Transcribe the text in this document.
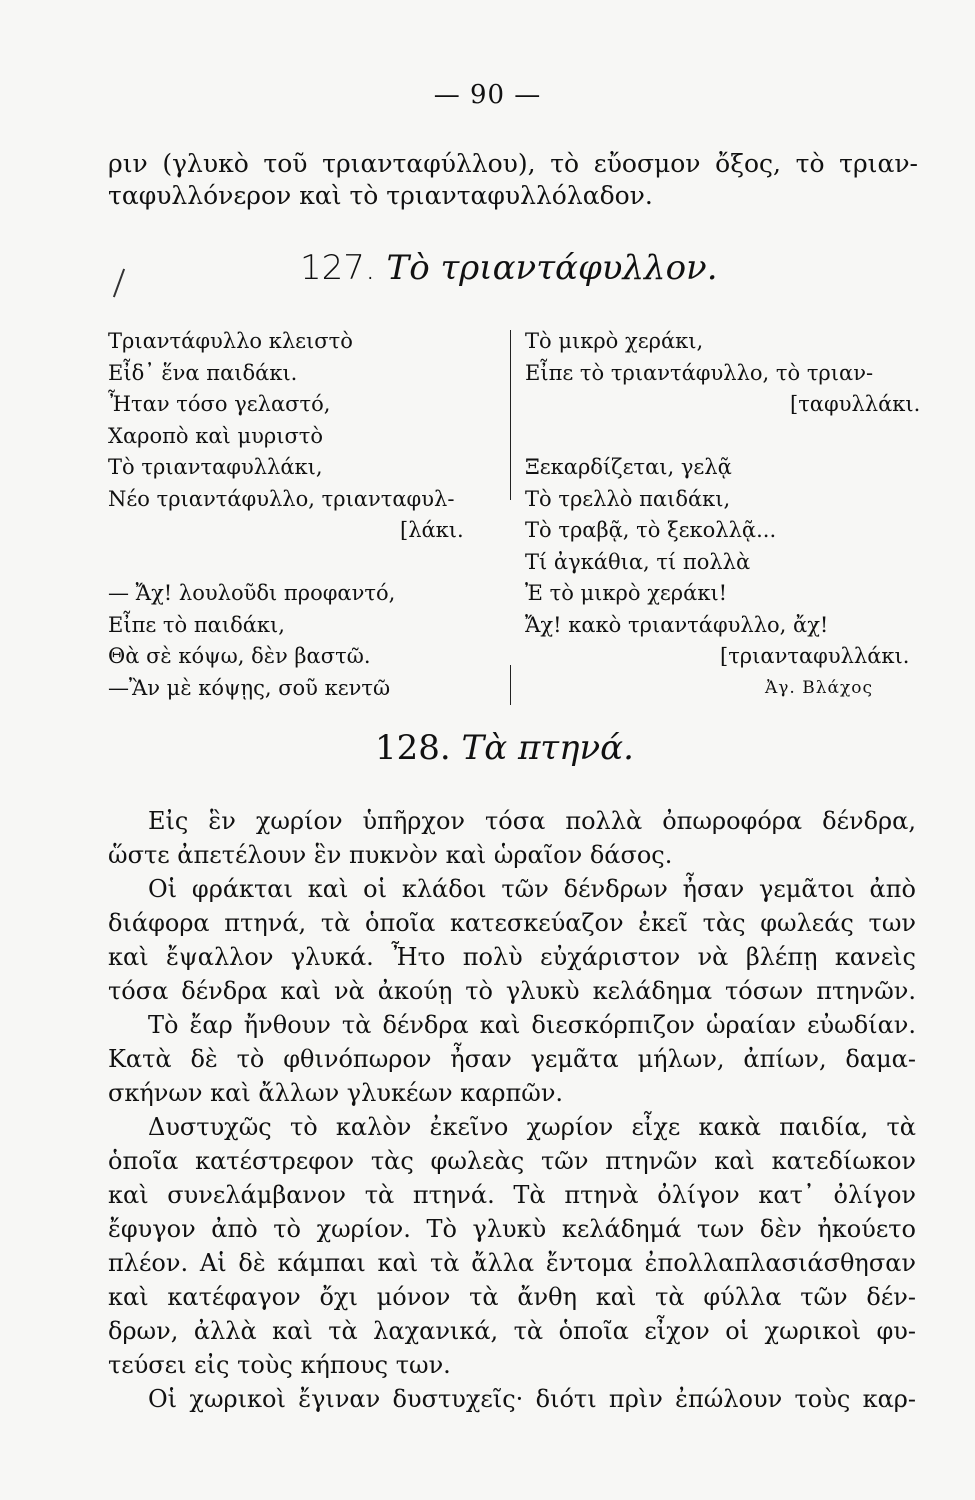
— 90 —
ριν (γλυκὸ τοῦ τριανταφύλλου), τὸ εὔοσμον ὄξος, τὸ τριαν-
ταφυλλόνερον καὶ τὸ τριανταφυλλόλαδον.
127. Τὸ τριαντάφυλλον.
Τριαντάφυλλο κλειστὸ
Εἶδ᾽ ἕνα παιδάκι.
Ἦταν τόσο γελαστό,
Χαροπὸ καὶ μυριστὸ
Τὸ τριανταφυλλάκι,
Νέο τριαντάφυλλο, τριανταφυλ-
[λάκι.
— Ἄχ! λουλοῦδι προφαντό,
Εἶπε τὸ παιδάκι,
Θὰ σὲ κόψω, δὲν βαστῶ.
—Ἂν μὲ κόψῃς, σοῦ κεντῶ
Τὸ μικρὸ χεράκι,
Εἶπε τὸ τριαντάφυλλο, τὸ τριαν-
[ταφυλλάκι.
Ξεκαρδίζεται, γελᾷ
Τὸ τρελλὸ παιδάκι,
Τὸ τραβᾷ, τὸ ξεκολλᾷ...
Τί ἀγκάθια, τί πολλὰ
Ἐ τὸ μικρὸ χεράκι!
Ἄχ! κακὸ τριαντάφυλλο, ἄχ!
[τριανταφυλλάκι.
Ἀγ. Βλάχος
128. Τὰ πτηνά.
Εἰς ἓν χωρίον ὑπῆρχον τόσα πολλὰ ὀπωροφόρα δένδρα,
ὥστε ἀπετέλουν ἓν πυκνὸν καὶ ὡραῖον δάσος.
Οἱ φράκται καὶ οἱ κλάδοι τῶν δένδρων ἦσαν γεμᾶτοι ἀπὸ
διάφορα πτηνά, τὰ ὁποῖα κατεσκεύαζον ἐκεῖ τὰς φωλεάς των
καὶ ἔψαλλον γλυκά. Ἦτο πολὺ εὐχάριστον νὰ βλέπῃ κανεὶς
τόσα δένδρα καὶ νὰ ἀκούῃ τὸ γλυκὺ κελάδημα τόσων πτηνῶν.
Τὸ ἔαρ ἤνθουν τὰ δένδρα καὶ διεσκόρπιζον ὡραίαν εὐωδίαν.
Κατὰ δὲ τὸ φθινόπωρον ἦσαν γεμᾶτα μήλων, ἀπίων, δαμα-
σκήνων καὶ ἄλλων γλυκέων καρπῶν.
Δυστυχῶς τὸ καλὸν ἐκεῖνο χωρίον εἶχε κακὰ παιδία, τὰ
ὁποῖα κατέστρεφον τὰς φωλεὰς τῶν πτηνῶν καὶ κατεδίωκον
καὶ συνελάμβανον τὰ πτηνά. Τὰ πτηνὰ ὀλίγον κατ᾽ ὀλίγον
ἔφυγον ἀπὸ τὸ χωρίον. Τὸ γλυκὺ κελάδημά των δὲν ἠκούετο
πλέον. Αἱ δὲ κάμπαι καὶ τὰ ἄλλα ἔντομα ἐπολλαπλασιάσθησαν
καὶ κατέφαγον ὄχι μόνον τὰ ἄνθη καὶ τὰ φύλλα τῶν δέν-
δρων, ἀλλὰ καὶ τὰ λαχανικά, τὰ ὁποῖα εἶχον οἱ χωρικοὶ φυ-
τεύσει εἰς τοὺς κήπους των.
Οἱ χωρικοὶ ἔγιναν δυστυχεῖς· διότι πρὶν ἐπώλουν τοὺς καρ-
